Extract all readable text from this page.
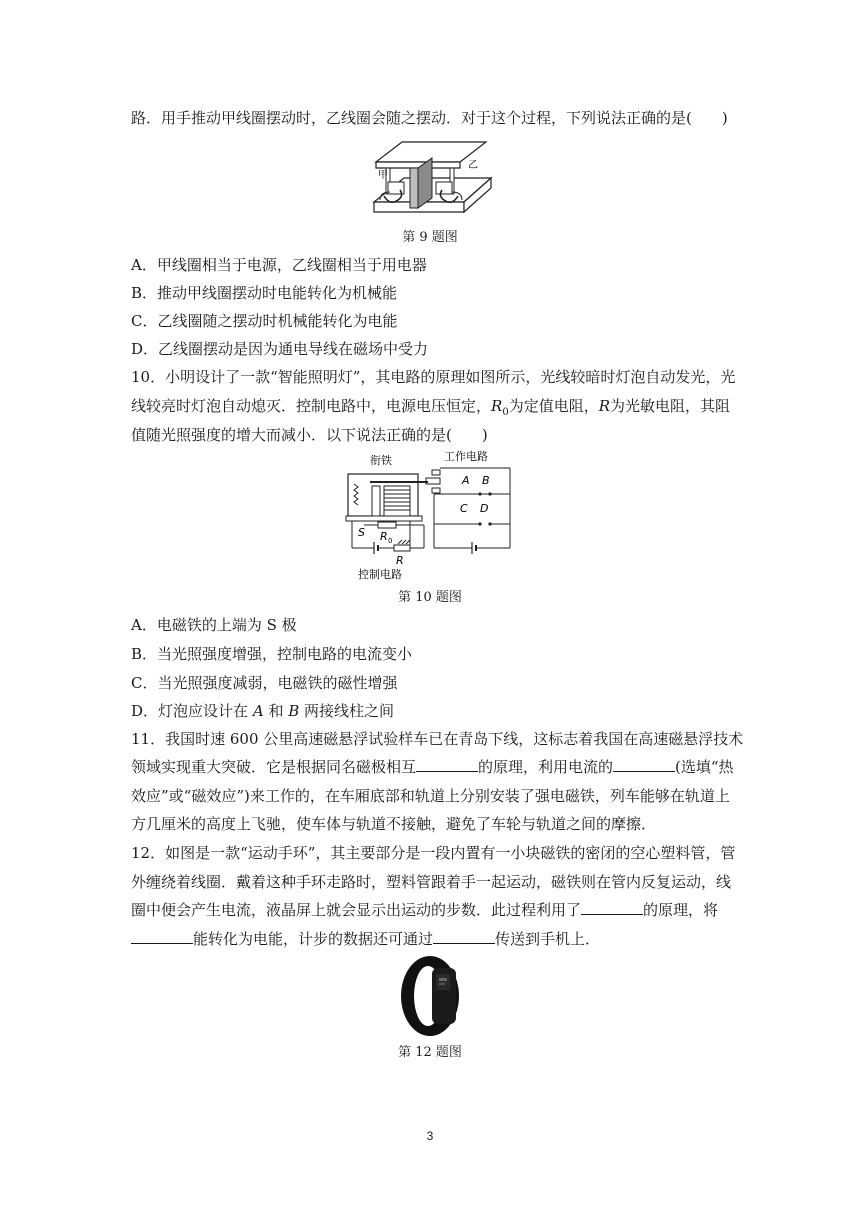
路．用手推动甲线圈摆动时，乙线圈会随之摆动．对于这个过程，下列说法正确的是(　　)
甲
乙
第 9 题图
A．甲线圈相当于电源，乙线圈相当于用电器
B．推动甲线圈摆动时电能转化为机械能
C．乙线圈随之摆动时机械能转化为电能
D．乙线圈摆动是因为通电导线在磁场中受力
10．小明设计了一款“智能照明灯”，其电路的原理如图所示，光线较暗时灯泡自动发光，光
线较亮时灯泡自动熄灭．控制电路中，电源电压恒定，$R_0$为定值电阻，R为光敏电阻，其阻
值随光照强度的增大而减小．以下说法正确的是(　　)
衔铁	工作电路
A B
C D
S R 0
R
控制电路
第 10 题图
A．电磁铁的上端为 S 极
B．当光照强度增强，控制电路的电流变小
C．当光照强度减弱，电磁铁的磁性增强
D．灯泡应设计在 A 和 B 两接线柱之间
11．我国时速 600 公里高速磁悬浮试验样车已在青岛下线，这标志着我国在高速磁悬浮技术
领域实现重大突破．它是根据同名磁极相互	的原理，利用电流的	(选填“热
效应”或“磁效应”)来工作的，在车厢底部和轨道上分别安装了强电磁铁，列车能够在轨道上
方几厘米的高度上飞驰，使车体与轨道不接触，避免了车轮与轨道之间的摩擦．
12．如图是一款“运动手环”，其主要部分是一段内置有一小块磁铁的密闭的空心塑料管，管
外缠绕着线圈．戴着这种手环走路时，塑料管跟着手一起运动，磁铁则在管内反复运动，线
圈中便会产生电流，液晶屏上就会显示出运动的步数．此过程利用了	的原理，将
能转化为电能，计步的数据还可通过	传送到手机上．
第 12 题图
3
